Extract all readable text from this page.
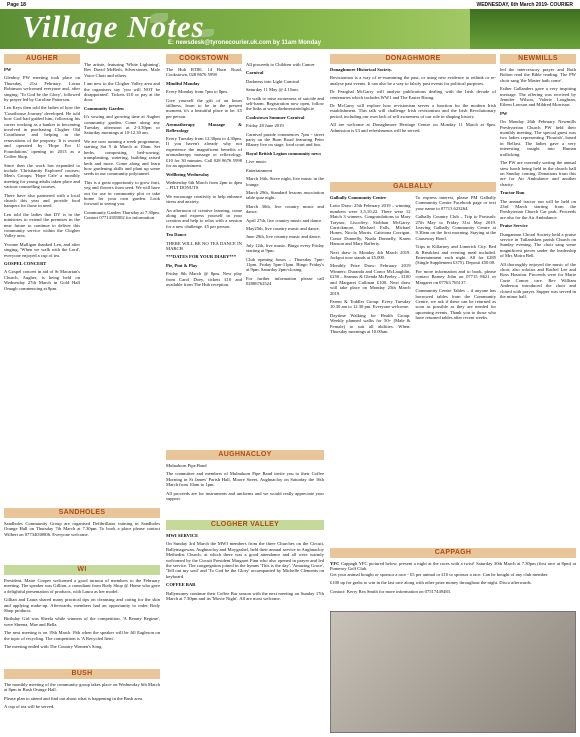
Page 18	WEDNESDAY, 6th March 2019- COURIER
Village Notes
E: newsdesk@tyronecourier.uk.com by 11am Monday
AUGHER

PW

Glenhoy PW meeting took place on Thursday, 21st February. Lorna Robinson welcomed everyone and, after singing, 'To God be the Glory', followed by prayer led by Caroline Patterson.

Len Keys then told the ladies of how the 'Courthouse Journey' developed. He told how God had guided him, following his career working as a banker to becoming involved in purchasing Clogher Old Courthouse and helping in the renovations of the property. It is owned and operated by 'Hope For U Foundations' opening in 2013 as a Coffee Shop.

Since then the work has expanded to include 'Christianity Explored' courses; Men's Groups; 'Hope Cafe' a monthly meeting for young adults taken place and various counselling courses.

There have also partnered with a local church this year and provide food hampers for those in need.

Len told the ladies that DV is in the ministries to extend the premises in the near future to continue to deliver this community service within the Clogher Valley area.

Yvonne Mulligan thanked Len, and after singing, 'When we walk with the Lord', everyone enjoyed a cup of tea.

GOSPEL CONCERT

A Gospel concert in aid of St Macartan's Church, Augher, is being held on Wednesday 27th March in Gold Hall Omagh commencing at 8pm.

The artiste, featuring 'White Lightning', Rev David McBeth, Silverstones, Male Voice Choir and others.

I am new to the Clogher Valley area and the organisers say 'you will NOT be disappointed'. Tickets £10 or pay at the door.

Community Garden

It's sowing and growing time at Augher community garden. Come along any Tuesday afternoon at 2-3.30pm or Saturday mornings at 10-12.30 am.

We are now running a week programme, starting Sat 9 th March at 10am. Set herbs, composting, bed-sowing, transplanting, watering, building raised beds and more. Come along and learn how gardening skills and plant up some seeds in our community polytunnel.

This is a great opportunity to grow fruit, veg and flowers from seed. We will have out for use in community plot or take home for your own garden. Look forward to seeing you.

Community Garden Thursday at 7.30pm. Contact 07714185002 for information.

COOKSTOWN

The Hub BT80, 14 Burn Road, Cookstown, 028 8676 5998

Mindful Monday

Every Monday from 7pm to 8pm.

Give yourself the gift of an hours stillness, learn to be in the present moment, it's a beautiful place to be. £5 per person.

Aromatherapy Massage & Reflexology

Every Tuesday from 12.30pm to 4.30pm. If you haven't already why not experience the magnificent benefits of aromatherapy massage or reflexology. £10 for 30 minutes. Call 028 8676 5998 for an appointment.

Wellbeing Wednesday

Wednesday 6th March from 2pm to 4pm – FILT DONUTS

We encourage creativity to help enhance stress and anxiety.

An afternoon of creative learning, come along and express yourself in your creation and help to relax with a session for a new challenge. £5 per person.

Tea Dance

THERE WILL BE NO TEA DANCE IN MARCH

***DATES FOR YOUR DIARY***

Pie, Pint & Play

Friday 8th March @ 8pm. New play from Carol Doey, tickets £10 and available from The Hub reception.

All proceeds to Children with Cancer

Carnival

Darkness into Light Carnival

Saturday 11 May @ 4.15am.

To walk to raise awareness of suicide and self-harm. Registration now open, follow the links at www.darknessintolight.ie

Cookstown Summer Carnival

Friday 28 June 2019

Carnival parade commences 7pm - street party on the Burn Road featuring Peter Blaney live on stage, food court and fun.

Royal British Legion community news

Live music

Entertainment

March 16th, Steve night, live music in the lounge.

March 29th, Standard lessons association table quiz night.

March 30th, live country music and dance.

April 27th, live country music and dance.

May25th, live country music and dance.

June 29th, live country music and dance.

July 12th, live music. Bingo every Friday starting at 9pm.

Club opening hours – Thursday 7pm-11pm. Friday 5pm-11pm. Bingo Friday's at 9pm. Saturday 2pm-closing.

For further information please call 02886762524

AUGHNACLOY

Mulnahorn Pipe Band

The committee and members of Mulnahorn Pipe Band invite you to their Coffee Morning in St James' Parish Hall, Moore Street, Aughnacloy on Saturday the 16th March from 10am to 1pm.

All proceeds are for instruments and uniforms and we would really appreciate your support.

CLOGHER VALLEY

MWI SERVICE

On Sunday 3rd March the MWI members from the three Churches on the Circuit, Ballymagowan, Aughnacloy and Moygashel, held their annual service in Aughnacloy Methodist Church, at which there was a good attendance and all were warmly welcomed by the Circuit President Margaret Finn who also opened in prayer and led the service. The congregation joined in the hymns 'This is the day', 'Amazing Grace', 'Tell out my soul' and 'To God be the Glory' accompanied by Michelle Clements on keyboard.

COFFEE BAR

Ballymoney continue their Coffee Bar season with the next meeting on Sunday 17th March at 7.30pm and its 'Movie Night'. All are most welcome.

DONAGHMORE

Donaghmore Historical Society.

Revisionism is a way of re-examining the past, or using new evidence to rethink or re-analyse past events. It can also be a way to falsify past events for political purposes.

Dr Fearghal McGarry will analyse publications dealing with the Irish decade of centenaries which includes WW1 and The Easter Rising.

Dr McGarry will explore how revisionism serves a function for the modern Irish establishment. This talk will challenge Irish revisionism and the Irish Revolutionary period, including our own lack of self awareness of our role in shaping history.

All are welcome at Donaghmore Heritage Centre on Monday 11 March at 8pm. Admission is £3 and refreshments will be served.

GALBALLY

Galbally Community Centre

Lotto Draw: 25th February 2019 – winning numbers were 3,5,10,22. There were 12 Match 3 winners. Congratulations to Mary Traynor, Liscoffey, Siobhan McGarry, Carrickmore, Michael Falls, Michael Hones, Nicola Morris, Caitriona Corrigan, Conor Donnelly, Nuala Donnelly, Karen Hanson and Mary Rafferty.

Next draw is Monday 4th March 2019. Jackpot now stands at £5,000.

Monthly Prize Draw: February 2019 Winners: Duranda and Conor McLaughlin, £250 – Seamus & Glenda McFeeley – £100 and Margaret Cullinan £100. Next draw will take place on Monday 25th March 2019.

Parent & Toddler Group: Every Tuesday 10.30 am to 12.30 pm. Everyone welcome.

Daytime Walking for Health Group: Weekly planned walks for 50+ (Male & Female) to suit all abilities. When: Thursday mornings at 10.00am.

To express interest, please PM Galbally Community Centre Facebook page or text your name to 07713 623264.

Galbally Country Club – Trip to Portrush: 27th May to Friday 31st May 2019. Leaving Galbally Community Centre at 9.30am on the first morning. Staying at the Causeway Hotel.

Trips to Killarney and Limerick City. Bed & Breakfast and evening meal included. Entertainment each night. All for £285 (Single Supplement £375). Deposit £50.00.

For more information and to book, please contact Barney John on 07715 8621 or Margaret on 07763 765137.

Community Centre Tables – if anyone has borrowed tables from the Community Centre, we ask if these can be returned as soon as possible as they are needed for upcoming events. Thank you to those who have returned tables after recent weeks.

NEWMILLS

led the intercessory prayer and Ruth Bolton read the Bible reading. The PW choir sang 'the Master hath come'.

Esther Gallanders gave a very inspiring message. The offering was received by Jennifer Wilson, Valerie Loughran, Eileen Lawson and Mildred Morrison.

PW

On Monday 26th February Newmills Presbyterian Church PW held their monthly meeting. The special guest was two ladies representing 'Flourish', based in Belfast. The ladies gave a very interesting insight into Human trafficking.

The PW are currently sorting the annual stew lunch being held in the church hall on Sunday coming. Donations from this are for Air Ambulance and another charity.

Tractor Run

The annual tractor run will be held on 23rd March starting from the Presbyterian Church Car park. Proceeds are also for the Air Ambulance.

Praise Service

Dungannon Choral Society held a praise service in Tullanisken parish Church on Sunday evening. The choir sang some magnificent pieces under the leadership of Mrs Moira Bell.

All thoroughly enjoyed the music of the choir, also soloists and Rachel Lee and Ross Houston. Proceeds were for Marie Curie Cancer care. Rev William Anderson introduced the choir and closed with prayer. Supper was served in the minor hall.

SANDHOLES

Sandholes Community Group are organised Defibrillator training in Sandholes Orange Hall on Thursday 7th March at 7.30pm. To book a place please contact Wilbert on 07734030806. Everyone welcome.

WI

President, Maire Cooper welcomed a good turnout of members to the February meeting. The speaker was Gillian, a consultant from Body Shop @ Home who gave a delightful presentation of products, with Laura as her model.

Gillian and Laura shared many practical tips on cleansing and caring for the skin and applying make-up. Afterwards, members had an opportunity to order Body Shop products.

Birthday Girl was Sheela while winners of the competition, 'A Beauty Regime', were Sheena, Mae and Bella.

The next meeting is on 19th March 19th when the speaker will be Jill Eagleson on the topic of recycling. The competition is 'A Recycled Item'.

The meeting ended with The Country Women's Song.

BUSH

The monthly meeting of the community group takes place on Wednesday 6th March at 8pm in Bush Orange Hall.

Please plan to attend and find out about what is happening in the Bush area.

A cup of tea will be served.

CAPPAGH

YFC

Cappagh YFC pictured below, present a night at the races with a twist! Saturday 30th March at 7.30pm (first race at 8pm) at Pomeroy Golf Club.

Get your animal bought or sponsor a race - £5 per animal or £10 to sponsor a race. Can be bought of any club member.

£100 up for grabs to win in the last race along with other prize money throughout the night. Disco afterwards.

Contact: Kerry Rea Smith for more information on 07517449483.
